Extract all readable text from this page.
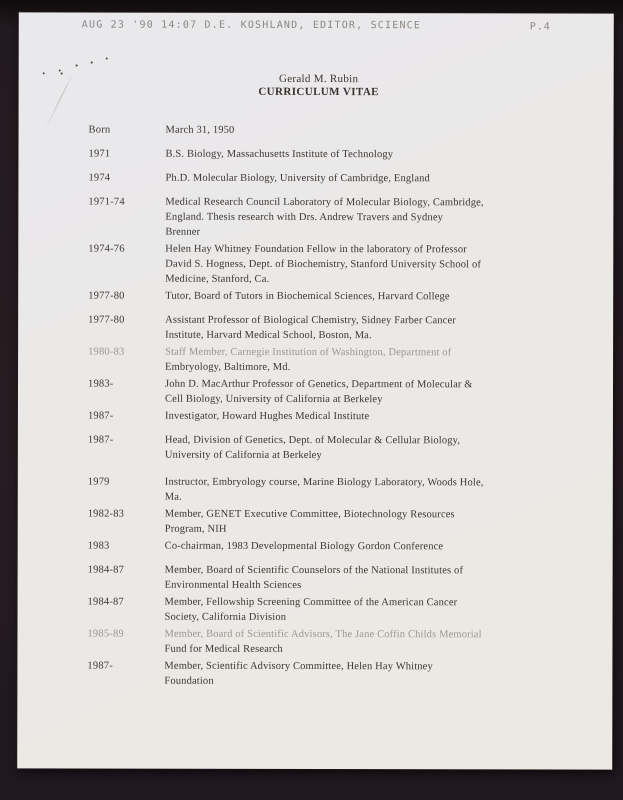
AUG 23 '90 14:07 D.E. KOSHLAND, EDITOR, SCIENCE	P.4
Gerald M. Rubin
CURRICULUM VITAE
Born	March 31, 1950
1971	B.S. Biology, Massachusetts Institute of Technology
1974	Ph.D. Molecular Biology, University of Cambridge, England
1971-74	Medical Research Council Laboratory of Molecular Biology, Cambridge,
England. Thesis research with Drs. Andrew Travers and Sydney
Brenner
1974-76	Helen Hay Whitney Foundation Fellow in the laboratory of Professor
David S. Hogness, Dept. of Biochemistry, Stanford University School of
Medicine, Stanford, Ca.
1977-80	Tutor, Board of Tutors in Biochemical Sciences, Harvard College
1977-80	Assistant Professor of Biological Chemistry, Sidney Farber Cancer
Institute, Harvard Medical School, Boston, Ma.
1980-83	Staff Member, Carnegie Institution of Washington, Department of
Embryology, Baltimore, Md.
1983-	John D. MacArthur Professor of Genetics, Department of Molecular &
Cell Biology, University of California at Berkeley
1987-	Investigator, Howard Hughes Medical Institute
1987-	Head, Division of Genetics, Dept. of Molecular & Cellular Biology,
University of California at Berkeley
1979	Instructor, Embryology course, Marine Biology Laboratory, Woods Hole,
Ma.
1982-83	Member, GENET Executive Committee, Biotechnology Resources
Program, NIH
1983	Co-chairman, 1983 Developmental Biology Gordon Conference
1984-87	Member, Board of Scientific Counselors of the National Institutes of
Environmental Health Sciences
1984-87	Member, Fellowship Screening Committee of the American Cancer
Society, California Division
1985-89	Member, Board of Scientific Advisors, The Jane Coffin Childs Memorial
Fund for Medical Research
1987-	Member, Scientific Advisory Committee, Helen Hay Whitney
Foundation
